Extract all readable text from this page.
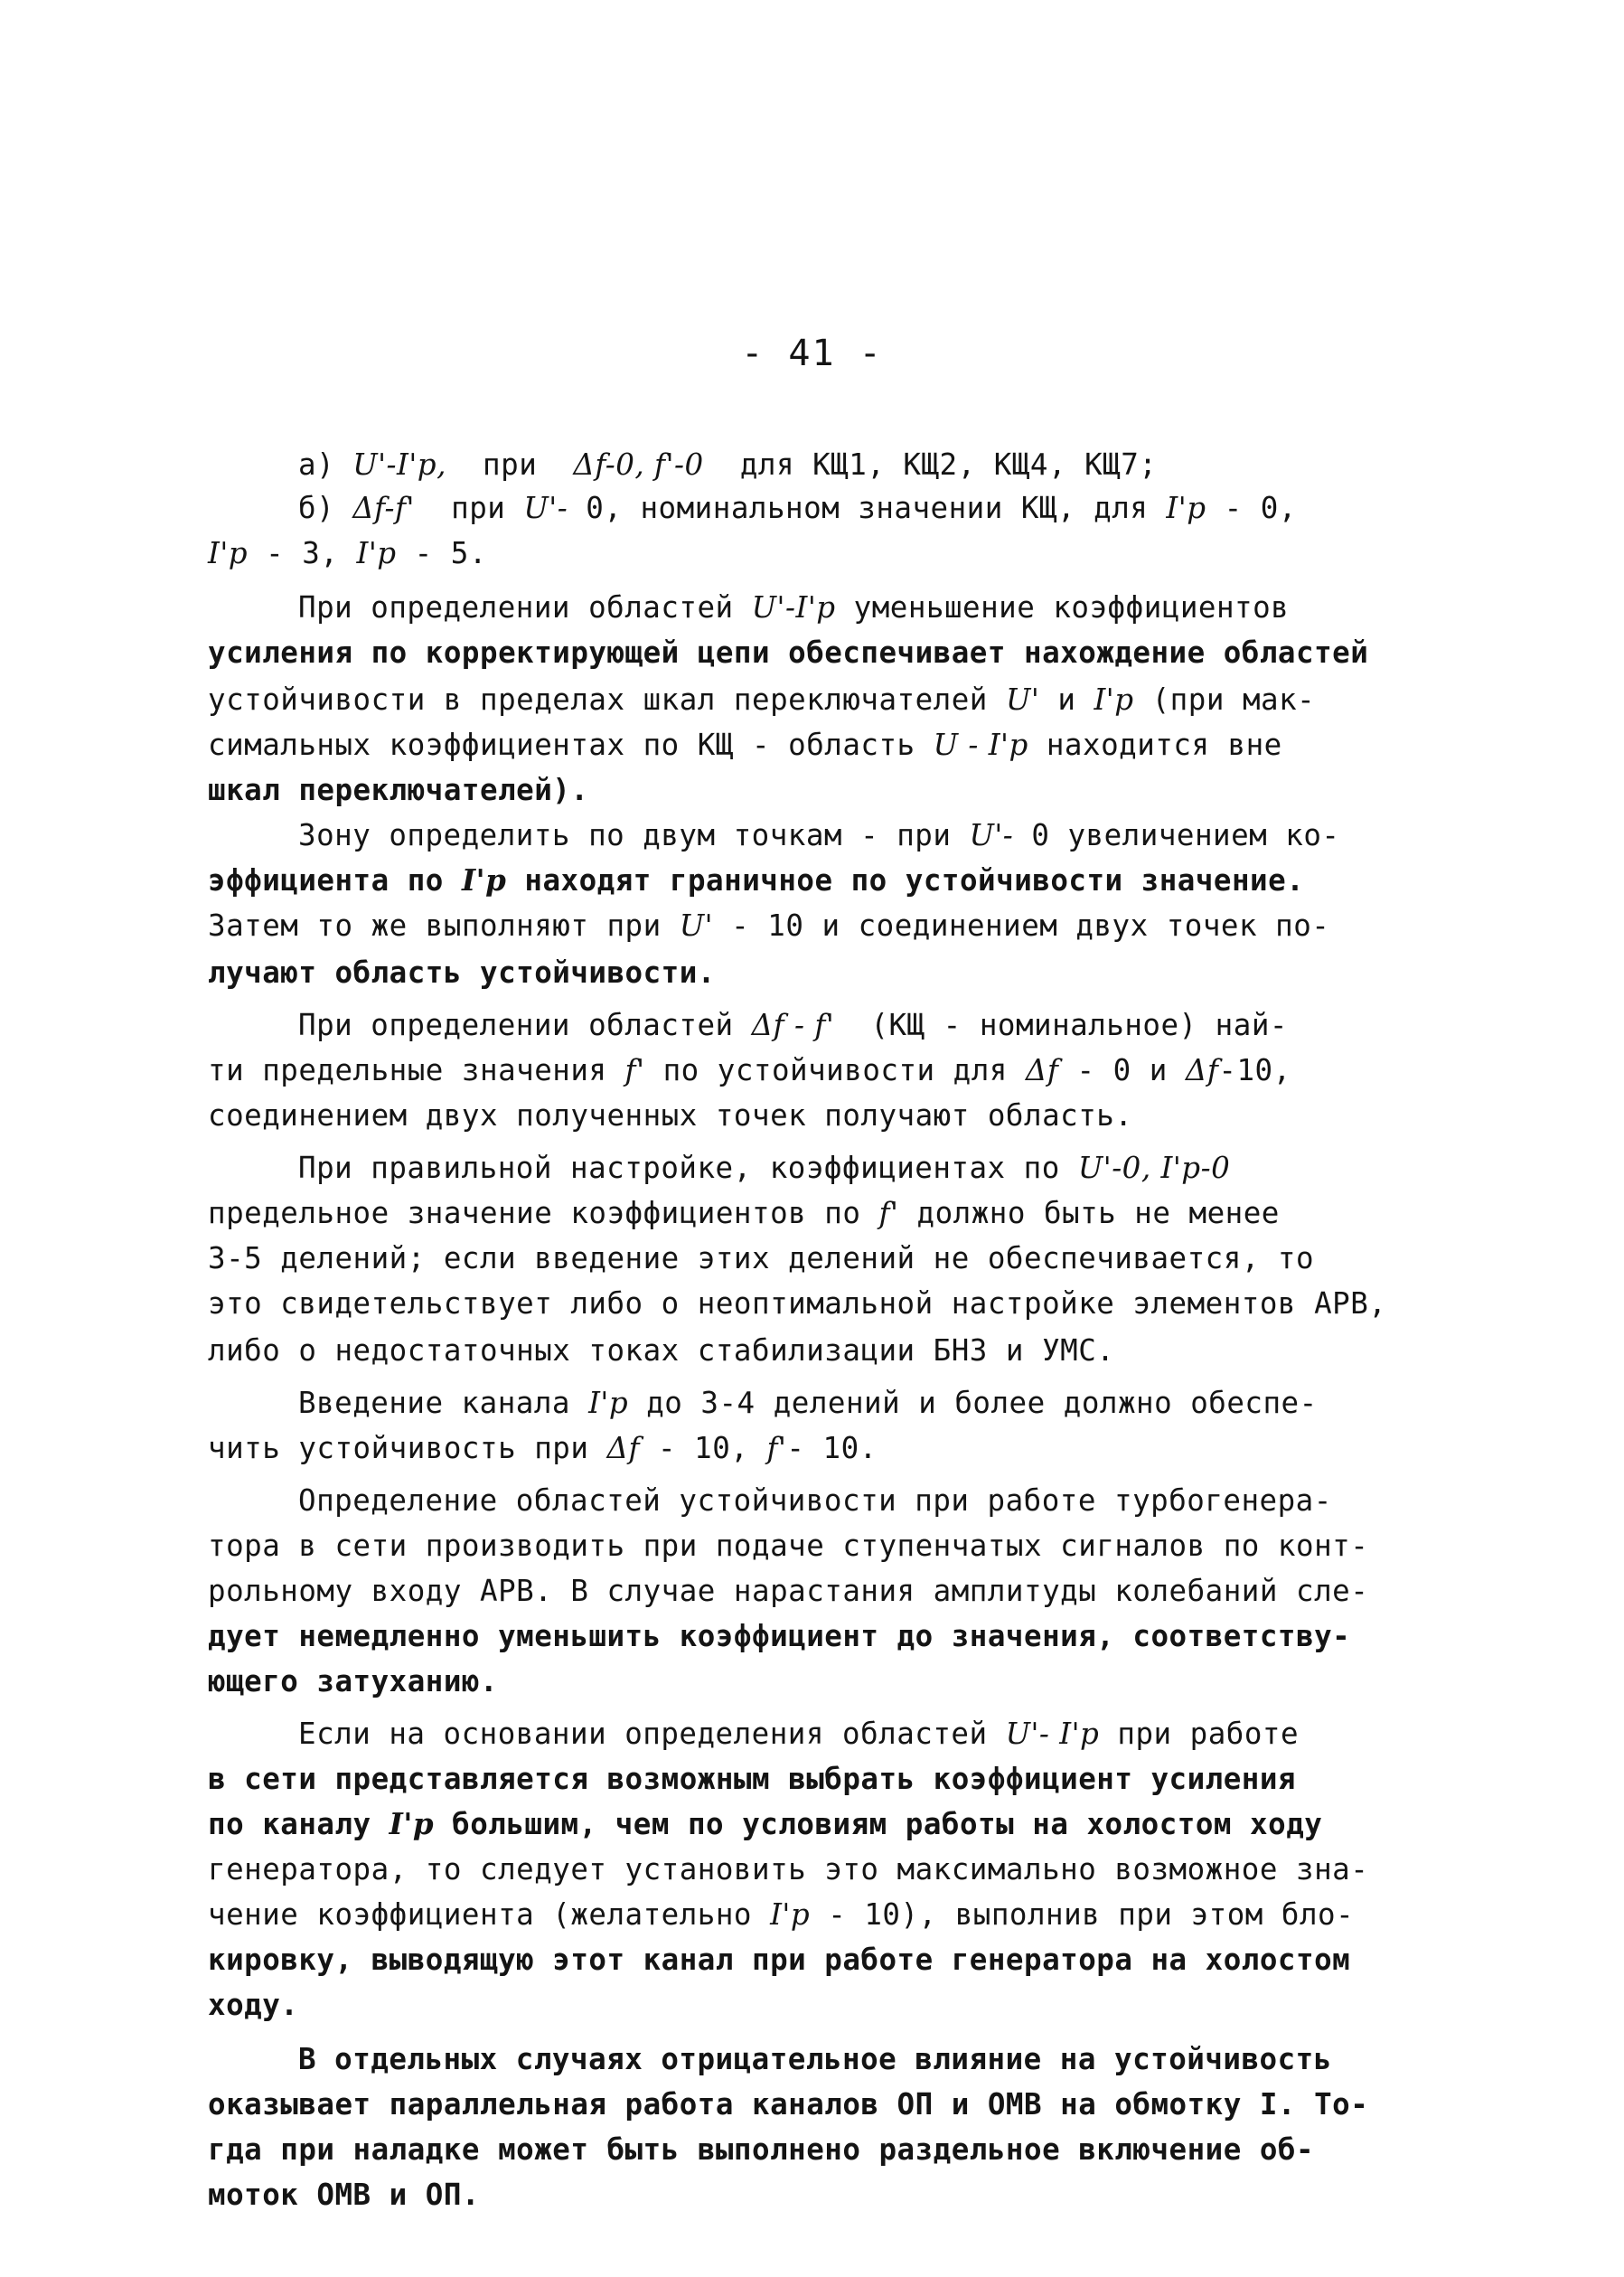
- 41 -
а) U'-I'p,  при  Δf-0, f'-0  для КЩ1, КЩ2, КЩ4, КЩ7;
б) Δf-f'  при U'- 0, номинальном значении КЩ, для I'p - 0,
I'p - 3, I'p - 5.
При определении областей U'-I'p уменьшение коэффициентов
усиления по корректирующей цепи обеспечивает нахождение областей
устойчивости в пределах шкал переключателей U' и I'p (при мак-
симальных коэффициентах по КЩ - область U - I'p находится вне
шкал переключателей).
Зону определить по двум точкам - при U'- 0 увеличением ко-
эффициента по I'p находят граничное по устойчивости значение.
Затем то же выполняют при U' - 10 и соединением двух точек по-
лучают область устойчивости.
При определении областей Δf - f'  (КЩ - номинальное) най-
ти предельные значения f' по устойчивости для Δf - 0 и Δf-10,
соединением двух полученных точек получают область.
При правильной настройке, коэффициентах по U'-0, I'p-0
предельное значение коэффициентов по f' должно быть не менее
3-5 делений; если введение этих делений не обеспечивается, то
это свидетельствует либо о неоптимальной настройке элементов АРВ,
либо о недостаточных токах стабилизации БНЗ и УМС.
Введение канала I'p до 3-4 делений и более должно обеспе-
чить устойчивость при Δf - 10, f'- 10.
Определение областей устойчивости при работе турбогенера-
тора в сети производить при подаче ступенчатых сигналов по конт-
рольному входу АРВ. В случае нарастания амплитуды колебаний сле-
дует немедленно уменьшить коэффициент до значения, соответству-
ющего затуханию.
Если на основании определения областей U'- I'p при работе
в сети представляется возможным выбрать коэффициент усиления
по каналу I'p большим, чем по условиям работы на холостом ходу
генератора, то следует установить это максимально возможное зна-
чение коэффициента (желательно I'p - 10), выполнив при этом бло-
кировку, выводящую этот канал при работе генератора на холостом
ходу.
В отдельных случаях отрицательное влияние на устойчивость
оказывает параллельная работа каналов ОП и ОМВ на обмотку I. То-
гда при наладке может быть выполнено раздельное включение об-
моток ОМВ и ОП.
